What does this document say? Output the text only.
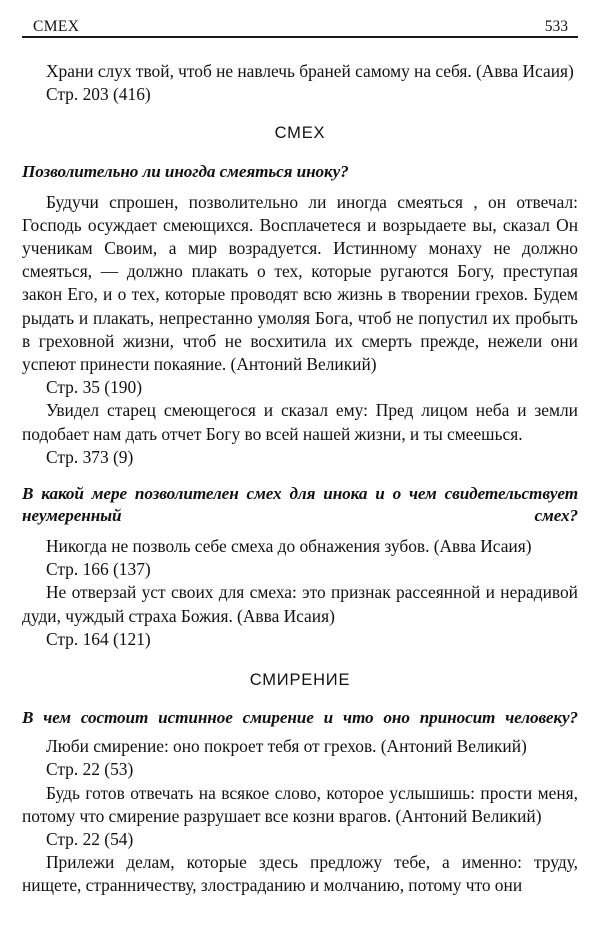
СМЕХ	533

Храни слух твой, чтоб не навлечь браней самому на себя. (Авва Исаия)

Стр. 203 (416)

СМЕХ
Позволительно ли иногда смеяться иноку?

Будучи спрошен, позволительно ли иногда смеяться , он отвечал: Господь осуждает смеющихся. Восплачетеся и возрыдаете вы, сказал Он ученикам Своим, а мир возрадуется. Истинному монаху не должно смеяться, — должно плакать о тех, которые ругаются Богу, преступая закон Его, и о тех, которые проводят всю жизнь в творении грехов. Будем рыдать и плакать, непрестанно умоляя Бога, чтоб не попустил их пробыть в греховной жизни, чтоб не восхитила их смерть прежде, нежели они успеют принести покаяние. (Антоний Великий)

Стр. 35 (190)

Увидел старец смеющегося и сказал ему: Пред лицом неба и земли подобает нам дать отчет Богу во всей нашей жизни, и ты смеешься.

Стр. 373 (9)

В какой мере позволителен смех для инока и о чем свидетельствует неумеренный смех?

Никогда не позволь себе смеха до обнажения зубов. (Авва Исаия)

Стр. 166 (137)

Не отверзай уст своих для смеха: это признак рассеянной и нерадивой дуди, чуждый страха Божия. (Авва Исаия)

Стр. 164 (121)

СМИРЕНИЕ
В чем состоит истинное смирение и что оно приносит человеку?

Люби смирение: оно покроет тебя от грехов. (Антоний Великий)

Стр. 22 (53)

Будь готов отвечать на всякое слово, которое услышишь: прости меня, потому что смирение разрушает все козни врагов. (Антоний Великий)

Стр. 22 (54)

Прилежи делам, которые здесь предложу тебе, а именно: труду, нищете, странничеству, злостраданию и молчанию, потому что они
